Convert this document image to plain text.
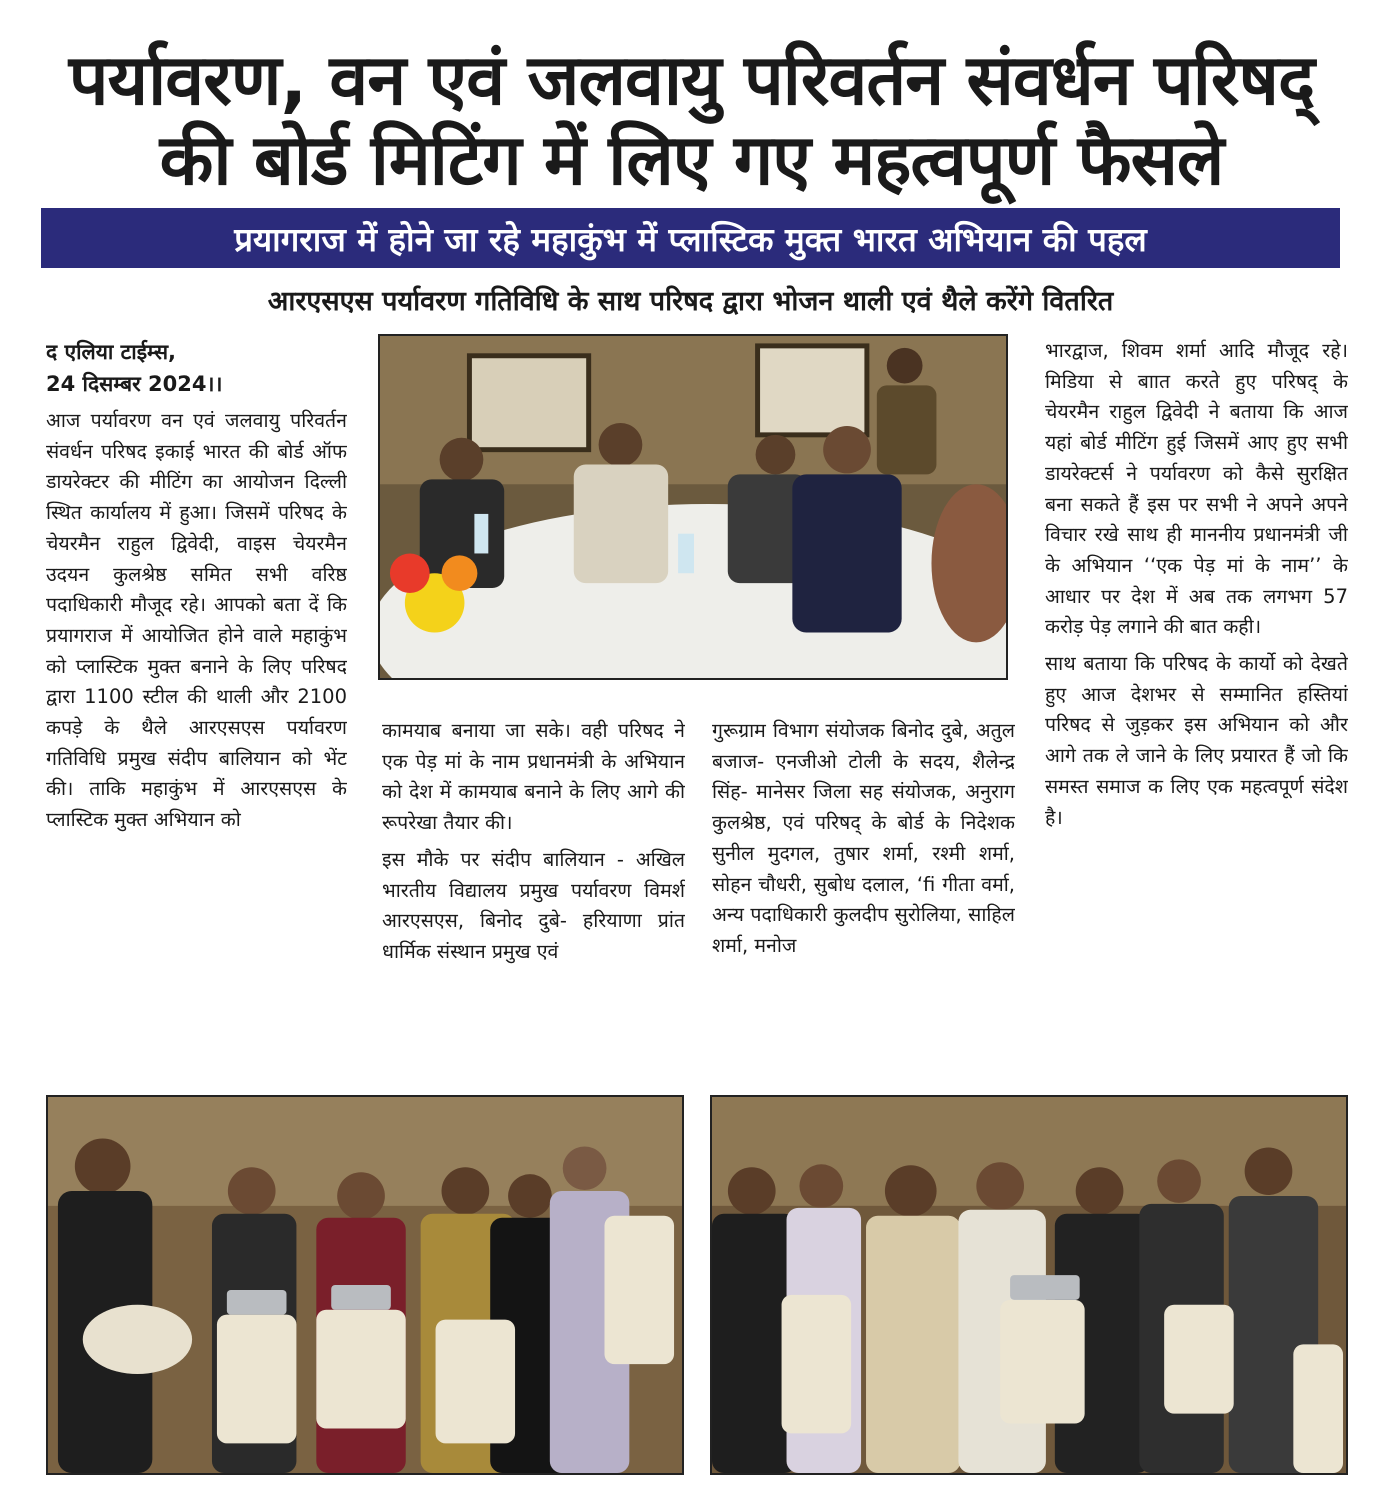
पर्यावरण, वन एवं जलवायु परिवर्तन संवर्धन परिषद्
की बोर्ड मिटिंग में लिए गए महत्वपूर्ण फैसले
प्रयागराज में होने जा रहे महाकुंभ में प्लास्टिक मुक्त भारत अभियान की पहल
आरएसएस पर्यावरण गतिविधि के साथ परिषद द्वारा भोजन थाली एवं थैले करेंगे वितरित
द एलिया टाईम्स,
24 दिसम्बर 2024।।

आज पर्यावरण वन एवं जलवायु परिवर्तन संवर्धन परिषद इकाई भारत की बोर्ड ऑफ डायरेक्टर की मीटिंग का आयोजन दिल्ली स्थित कार्यालय में हुआ। जिसमें परिषद के चेयरमैन राहुल द्विवेदी, वाइस चेयरमैन उदयन कुलश्रेष्ठ समित सभी वरिष्ठ पदाधिकारी मौजूद रहे। आपको बता दें कि प्रयागराज में आयोजित होने वाले महाकुंभ को प्लास्टिक मुक्त बनाने के लिए परिषद द्वारा 1100 स्टील की थाली और 2100 कपड़े के थैले आरएसएस पर्यावरण गतिविधि प्रमुख संदीप बालियान को भेंट की। ताकि महाकुंभ में आरएसएस के प्लास्टिक मुक्त अभियान को

कामयाब बनाया जा सके। वही परिषद ने एक पेड़ मां के नाम प्रधानमंत्री के अभियान को देश में कामयाब बनाने के लिए आगे की रूपरेखा तैयार की।

इस मौके पर संदीप बालियान - अखिल भारतीय विद्यालय प्रमुख पर्यावरण विमर्श आरएसएस, बिनोद दुबे- हरियाणा प्रांत धार्मिक संस्थान प्रमुख एवं

गुरूग्राम विभाग संयोजक बिनोद दुबे, अतुल बजाज- एनजीओ टोली के सदय, शैलेन्द्र सिंह- मानेसर जिला सह संयोजक, अनुराग कुलश्रेष्ठ, एवं परिषद् के बोर्ड के निदेशक सुनील मुदगल, तुषार शर्मा, रश्मी शर्मा, सोहन चौधरी, सुबोध दलाल, ‘ﬁ गीता वर्मा, अन्य पदाधिकारी कुलदीप सुरोलिया, साहिल शर्मा, मनोज

भारद्वाज, शिवम शर्मा आदि मौजूद रहे। मिडिया से बाात करते हुए परिषद् के चेयरमैन राहुल द्विवेदी ने बताया कि आज यहां बोर्ड मीटिंग हुई जिसमें आए हुए सभी डायरेक्टर्स ने पर्यावरण को कैसे सुरक्षित बना सकते हैं इस पर सभी ने अपने अपने विचार रखे साथ ही माननीय प्रधानमंत्री जी के अभियान ‘‘एक पेड़ मां के नाम’’ के आधार पर देश में अब तक लगभग 57 करोड़ पेड़ लगाने की बात कही।

साथ बताया कि परिषद के कार्यो को देखते हुए आज देशभर से सम्मानित हस्तियां परिषद से जुड़कर इस अभियान को और आगे तक ले जाने के लिए प्रयारत हैं जो कि समस्त समाज क लिए एक महत्वपूर्ण संदेश है।
